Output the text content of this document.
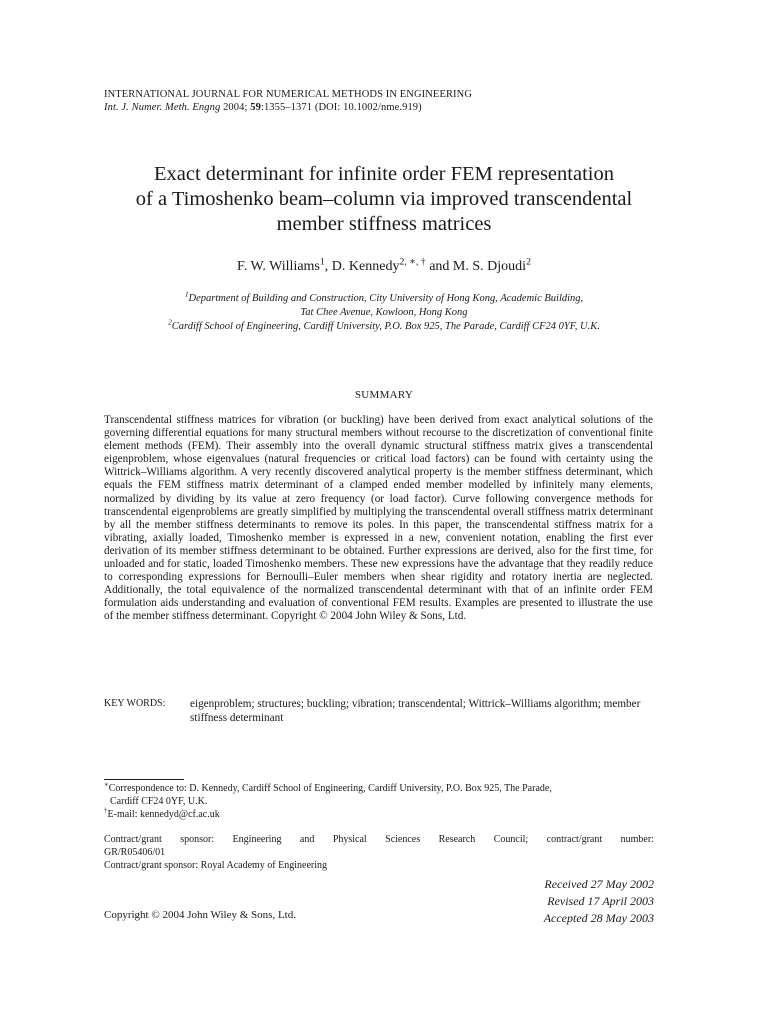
INTERNATIONAL JOURNAL FOR NUMERICAL METHODS IN ENGINEERING
Int. J. Numer. Meth. Engng 2004; 59:1355–1371 (DOI: 10.1002/nme.919)
Exact determinant for infinite order FEM representation
of a Timoshenko beam–column via improved transcendental
member stiffness matrices
F. W. Williams$^1$, D. Kennedy$^{2, ∗, \dagger}$ and M. S. Djoudi$^2$
$^1$Department of Building and Construction, City University of Hong Kong, Academic Building,
Tat Chee Avenue, Kowloon, Hong Kong
$^2$Cardiff School of Engineering, Cardiff University, P.O. Box 925, The Parade, Cardiff CF24 0YF, U.K.
SUMMARY
Transcendental stiffness matrices for vibration (or buckling) have been derived from exact analytical solutions of the governing differential equations for many structural members without recourse to the discretization of conventional finite element methods (FEM). Their assembly into the overall dynamic structural stiffness matrix gives a transcendental eigenproblem, whose eigenvalues (natural frequencies or critical load factors) can be found with certainty using the Wittrick–Williams algorithm. A very recently discovered analytical property is the member stiffness determinant, which equals the FEM stiffness matrix determinant of a clamped ended member modelled by infinitely many elements, normalized by dividing by its value at zero frequency (or load factor). Curve following convergence methods for transcendental eigenproblems are greatly simplified by multiplying the transcendental overall stiffness matrix determinant by all the member stiffness determinants to remove its poles. In this paper, the transcendental stiffness matrix for a vibrating, axially loaded, Timoshenko member is expressed in a new, convenient notation, enabling the first ever derivation of its member stiffness determinant to be obtained. Further expressions are derived, also for the first time, for unloaded and for static, loaded Timoshenko members. These new expressions have the advantage that they readily reduce to corresponding expressions for Bernoulli–Euler members when shear rigidity and rotatory inertia are neglected. Additionally, the total equivalence of the normalized transcendental determinant with that of an infinite order FEM formulation aids understanding and evaluation of conventional FEM results. Examples are presented to illustrate the use of the member stiffness determinant. Copyright © 2004 John Wiley & Sons, Ltd.
KEY WORDS:	eigenproblem; structures; buckling; vibration; transcendental; Wittrick–Williams algorithm; member stiffness determinant
∗Correspondence to: D. Kennedy, Cardiff School of Engineering, Cardiff University, P.O. Box 925, The Parade,
Cardiff CF24 0YF, U.K.
†E-mail: kennedyd@cf.ac.uk
Contract/grant sponsor: Engineering and Physical Sciences Research Council; contract/grant number:
GR/R05406/01
Contract/grant sponsor: Royal Academy of Engineering
Received 27 May 2002
Revised 17 April 2003
Accepted 28 May 2003
Copyright © 2004 John Wiley & Sons, Ltd.
